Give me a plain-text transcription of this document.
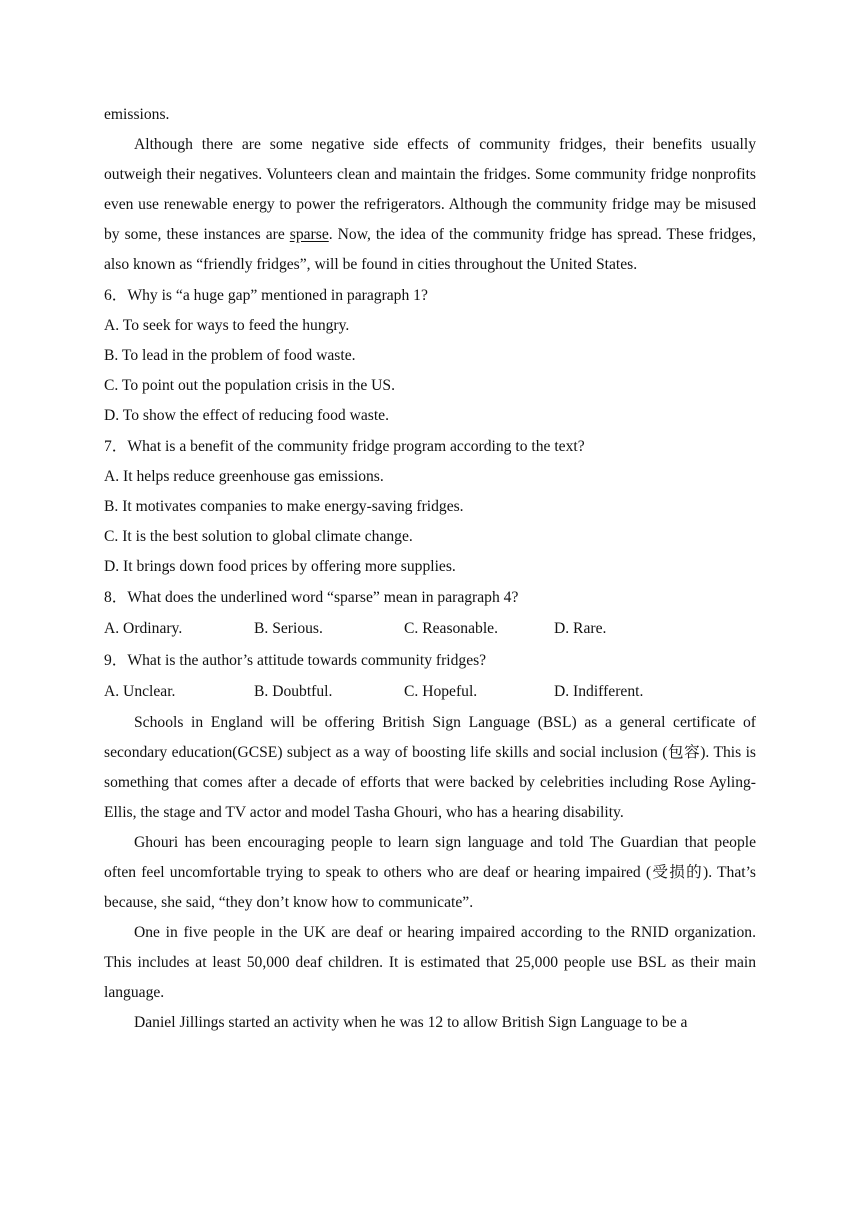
emissions.

Although there are some negative side effects of community fridges, their benefits usually outweigh their negatives. Volunteers clean and maintain the fridges. Some community fridge nonprofits even use renewable energy to power the refrigerators. Although the community fridge may be misused by some, these instances are sparse. Now, the idea of the community fridge has spread. These fridges, also known as “friendly fridges”, will be found in cities throughout the United States.

6．Why is “a huge gap” mentioned in paragraph 1?

A. To seek for ways to feed the hungry.

B. To lead in the problem of food waste.

C. To point out the population crisis in the US.

D. To show the effect of reducing food waste.

7．What is a benefit of the community fridge program according to the text?

A. It helps reduce greenhouse gas emissions.

B. It motivates companies to make energy-saving fridges.

C. It is the best solution to global climate change.

D. It brings down food prices by offering more supplies.

8．What does the underlined word “sparse” mean in paragraph 4?

A. Ordinary.	B. Serious.	C. Reasonable.	D. Rare.

9．What is the author’s attitude towards community fridges?

A. Unclear.	B. Doubtful.	C. Hopeful.	D. Indifferent.

Schools in England will be offering British Sign Language (BSL) as a general certificate of secondary education(GCSE) subject as a way of boosting life skills and social inclusion (包容). This is something that comes after a decade of efforts that were backed by celebrities including Rose Ayling-Ellis, the stage and TV actor and model Tasha Ghouri, who has a hearing disability.

Ghouri has been encouraging people to learn sign language and told The Guardian that people often feel uncomfortable trying to speak to others who are deaf or hearing impaired (受损的). That’s because, she said, “they don’t know how to communicate”.

One in five people in the UK are deaf or hearing impaired according to the RNID organization. This includes at least 50,000 deaf children. It is estimated that 25,000 people use BSL as their main language.

Daniel Jillings started an activity when he was 12 to allow British Sign Language to be a
